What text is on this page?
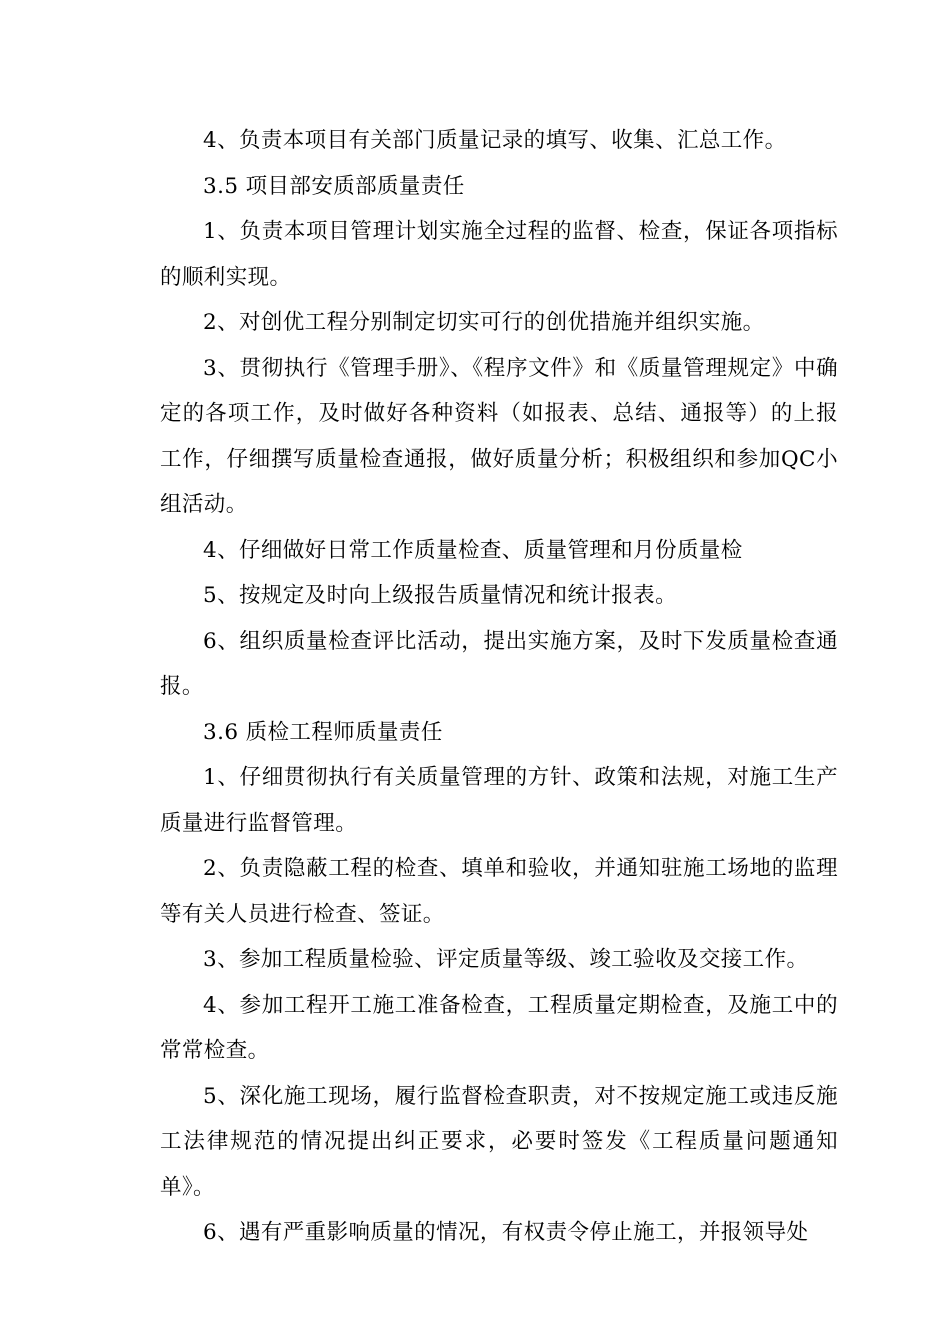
4、负责本项目有关部门质量记录的填写、收集、汇总工作。

3.5 项目部安质部质量责任

1、负责本项目管理计划实施全过程的监督、检查，保证各项指标的顺利实现。

2、对创优工程分别制定切实可行的创优措施并组织实施。

3、贯彻执行《管理手册》、《程序文件》和《质量管理规定》中确定的各项工作，及时做好各种资料（如报表、总结、通报等）的上报工作，仔细撰写质量检查通报，做好质量分析；积极组织和参加QC小组活动。

4、仔细做好日常工作质量检查、质量管理和月份质量检

5、按规定及时向上级报告质量情况和统计报表。

6、组织质量检查评比活动，提出实施方案，及时下发质量检查通报。

3.6 质检工程师质量责任

1、仔细贯彻执行有关质量管理的方针、政策和法规，对施工生产质量进行监督管理。

2、负责隐蔽工程的检查、填单和验收，并通知驻施工场地的监理等有关人员进行检查、签证。

3、参加工程质量检验、评定质量等级、竣工验收及交接工作。

4、参加工程开工施工准备检查，工程质量定期检查，及施工中的常常检查。

5、深化施工现场，履行监督检查职责，对不按规定施工或违反施工法律规范的情况提出纠正要求，必要时签发《工程质量问题通知单》。

6、遇有严重影响质量的情况，有权责令停止施工，并报领导处
